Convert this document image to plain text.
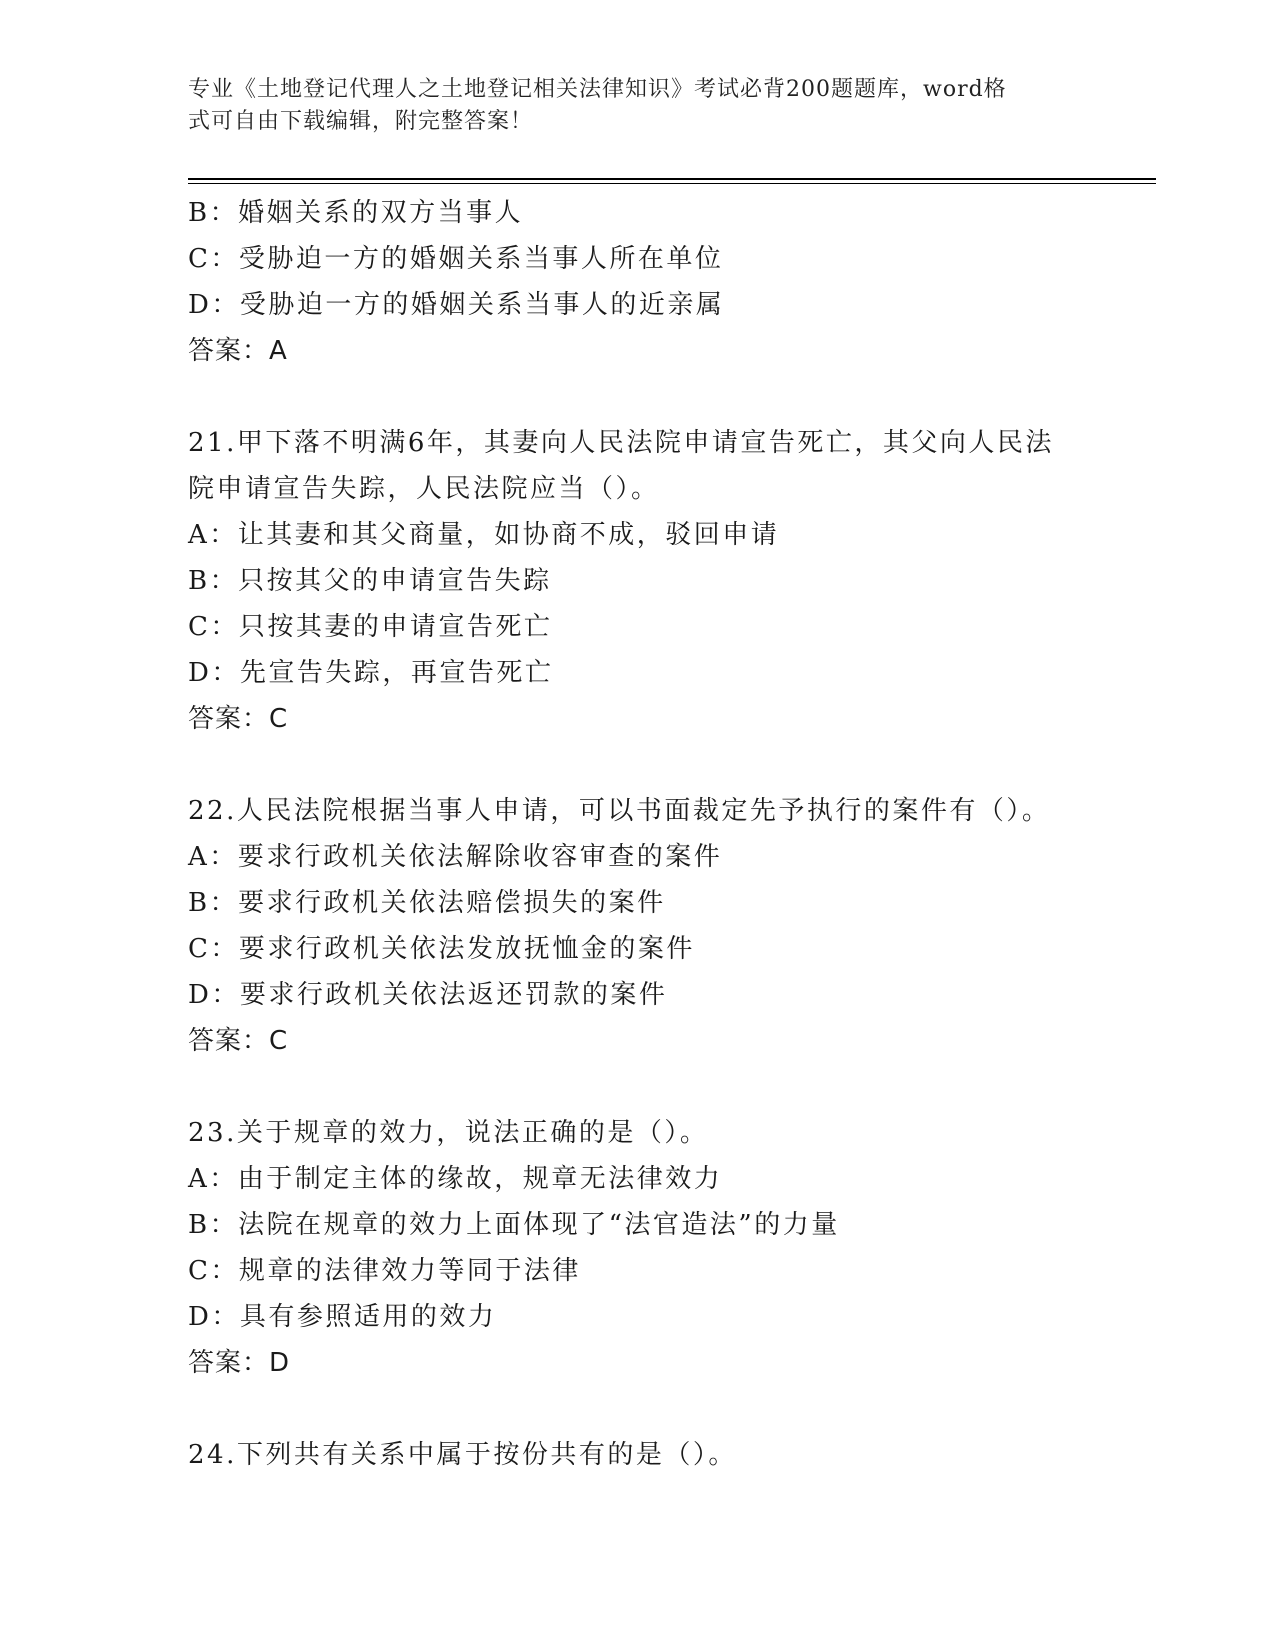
专业《土地登记代理人之土地登记相关法律知识》考试必背200题题库，word格
式可自由下载编辑，附完整答案！
B：婚姻关系的双方当事人
C：受胁迫一方的婚姻关系当事人所在单位
D：受胁迫一方的婚姻关系当事人的近亲属
答案：A
21.甲下落不明满6年，其妻向人民法院申请宣告死亡，其父向人民法
院申请宣告失踪，人民法院应当（）。
A：让其妻和其父商量，如协商不成，驳回申请
B：只按其父的申请宣告失踪
C：只按其妻的申请宣告死亡
D：先宣告失踪，再宣告死亡
答案：C
22.人民法院根据当事人申请，可以书面裁定先予执行的案件有（）。
A：要求行政机关依法解除收容审查的案件
B：要求行政机关依法赔偿损失的案件
C：要求行政机关依法发放抚恤金的案件
D：要求行政机关依法返还罚款的案件
答案：C
23.关于规章的效力，说法正确的是（）。
A：由于制定主体的缘故，规章无法律效力
B：法院在规章的效力上面体现了“法官造法”的力量
C：规章的法律效力等同于法律
D：具有参照适用的效力
答案：D
24.下列共有关系中属于按份共有的是（）。
